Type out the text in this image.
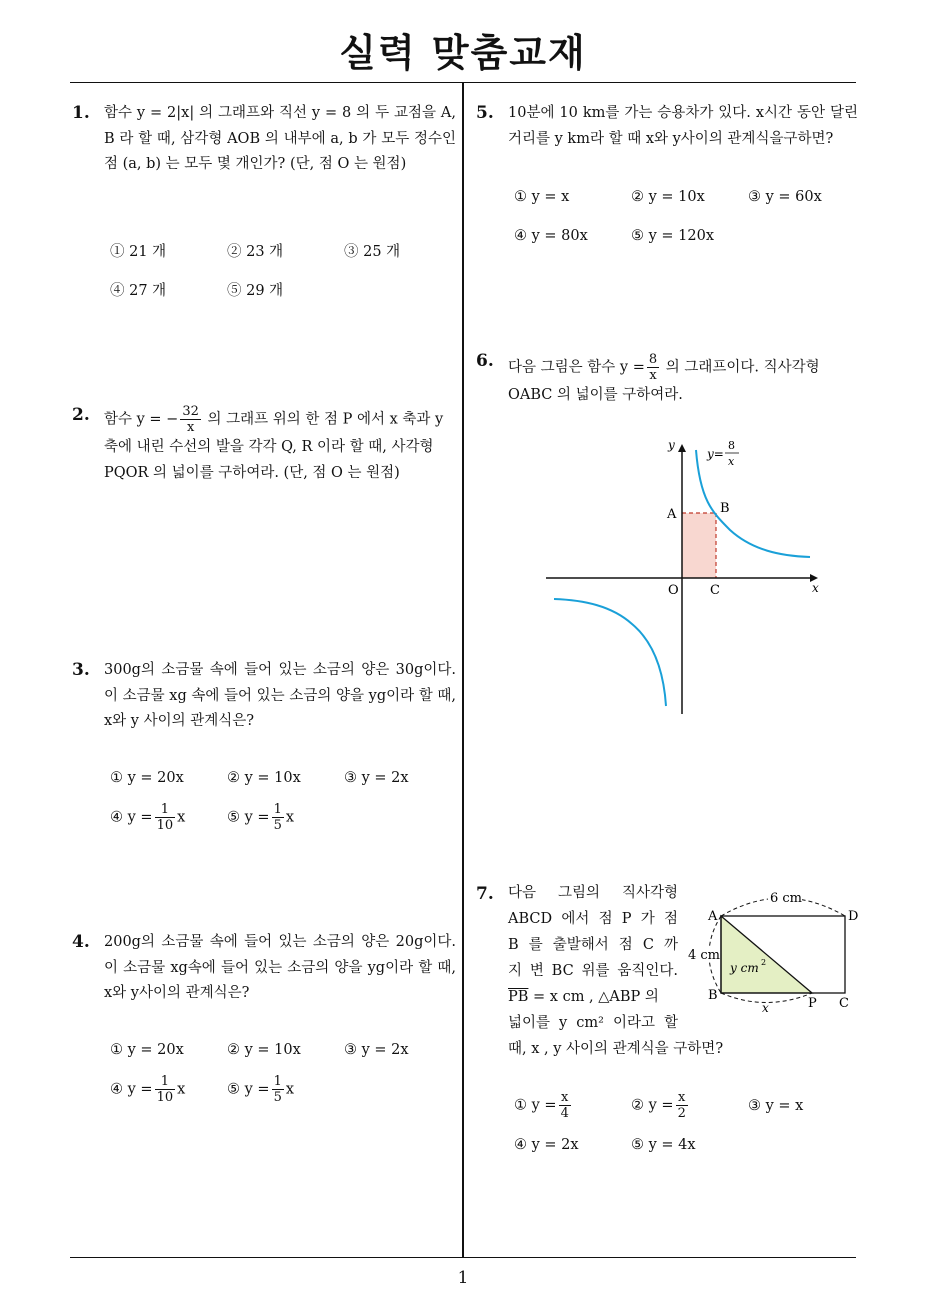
실력 맞춤교재
1
1. 함수 y = 2|x| 의 그래프와 직선 y = 8 의 두 교점을 A, B 라 할 때, 삼각형 AOB 의 내부에 a, b 가 모두 정수인 점 (a, b) 는 모두 몇 개인가? (단, 점 O 는 원점)
① 21 개	② 23 개	③ 25 개
④ 27 개	⑤ 29 개
2. 함수 y = − $\frac{32}{x}$ 의 그래프 위의 한 점 P 에서 x 축과 y 축에 내린 수선의 발을 각각 Q, R 이라 할 때, 사각형 PQOR 의 넓이를 구하여라. (단, 점 O 는 원점)
3. 300g의 소금물 속에 들어 있는 소금의 양은 30g이다. 이 소금물 xg 속에 들어 있는 소금의 양을 yg이라 할 때, x와 y 사이의 관계식은?
① y = 20x	② y = 10x	③ y = 2x
④ $y = \frac{1}{10}$ x	⑤ $y = \frac{1}{5}$ x
4. 200g의 소금물 속에 들어 있는 소금의 양은 20g이다. 이 소금물 xg속에 들어 있는 소금의 양을 yg이라 할 때, x와 y사이의 관계식은?
① y = 20x	② y = 10x	③ y = 2x
④ $y = \frac{1}{10}$ x	⑤ $y = \frac{1}{5}$ x
5. 10분에 10 km를 가는 승용차가 있다. x시간 동안 달린 거리를 y km라 할 때 x와 y사이의 관계식을구하면?
① y = x	② y = 10x	③ y = 60x
④ y = 80x	⑤ y = 120x
6. 다음 그림은 함수 $y = \frac{8}{x}$ 의 그래프이다. 직사각형 OABC 의 넓이를 구하여라.
y
x
y=
8
x
A	B
O C
7. 다음 그림의 직사각형
ABCD 에서 점 P 가 점
B 를 출발해서 점 C 까
지 변 BC 위를 움직인다.
$\overline{PB} = x$ cm , △ABP 의
넓이를 y cm² 이라고 할
때, x , y 사이의 관계식을 구하면?
6 cm
4 cm
y cm 2
x
A	D
B
P C
① $y = \frac{x}{4}$	② $y = \frac{x}{2}$	③ y = x
④ y = 2x	⑤ y = 4x
